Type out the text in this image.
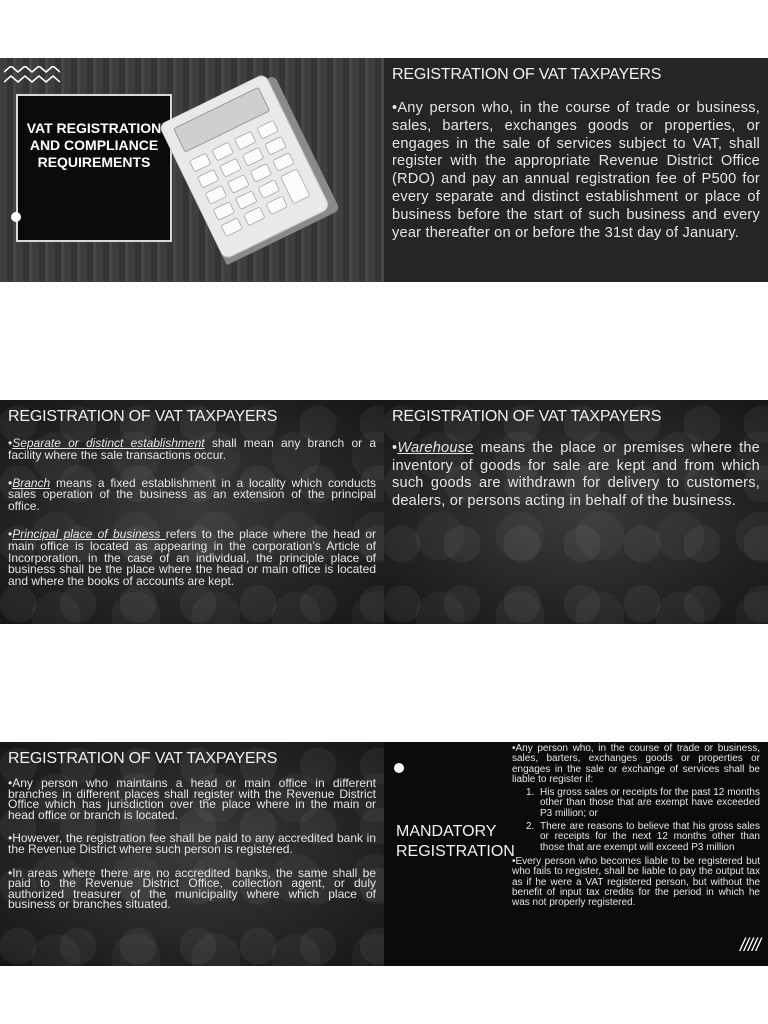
VAT REGISTRATION AND COMPLIANCE REQUIREMENTS

REGISTRATION OF VAT TAXPAYERS
•Any person who, in the course of trade or business, sales, barters, exchanges goods or properties, or engages in the sale of services subject to VAT, shall register with the appropriate Revenue District Office (RDO) and pay an annual registration fee of P500 for every separate and distinct establishment or place of business before the start of such business and every year thereafter on or before the 31st day of January.
REGISTRATION OF VAT TAXPAYERS
•Separate or distinct establishment shall mean any branch or a facility where the sale transactions occur.
•Branch means a fixed establishment in a locality which conducts sales operation of the business as an extension of the principal office.
•Principal place of business refers to the place where the head or main office is located as appearing in the corporation’s Article of Incorporation. in the case of an individual, the principle place of business shall be the place where the head or main office is located and where the books of accounts are kept.
REGISTRATION OF VAT TAXPAYERS
•Warehouse means the place or premises where the inventory of goods for sale are kept and from which such goods are withdrawn for delivery to customers, dealers, or persons acting in behalf of the business.
REGISTRATION OF VAT TAXPAYERS
•Any person who maintains a head or main office in different branches in different places shall register with the Revenue District Office which has jurisdiction over the place where in the main or head office or branch is located.
•However, the registration fee shall be paid to any accredited bank in the Revenue District where such person is registered.
•In areas where there are no accredited banks, the same shall be paid to the Revenue District Office, collection agent, or duly authorized treasurer of the municipality where which place of business or branches situated.

MANDATORY REGISTRATION

•Any person who, in the course of trade or business, sales, barters, exchanges goods or properties or engages in the sale or exchange of services shall be liable to register if:
1. His gross sales or receipts for the past 12 months other than those that are exempt have exceeded P3 million; or
2. There are reasons to believe that his gross sales or receipts for the next 12 months other than those that are exempt will exceed P3 million
•Every person who becomes liable to be registered but who fails to register, shall be liable to pay the output tax as if he were a VAT registered person, but without the benefit of input tax credits for the period in which he was not properly registered.
/////
